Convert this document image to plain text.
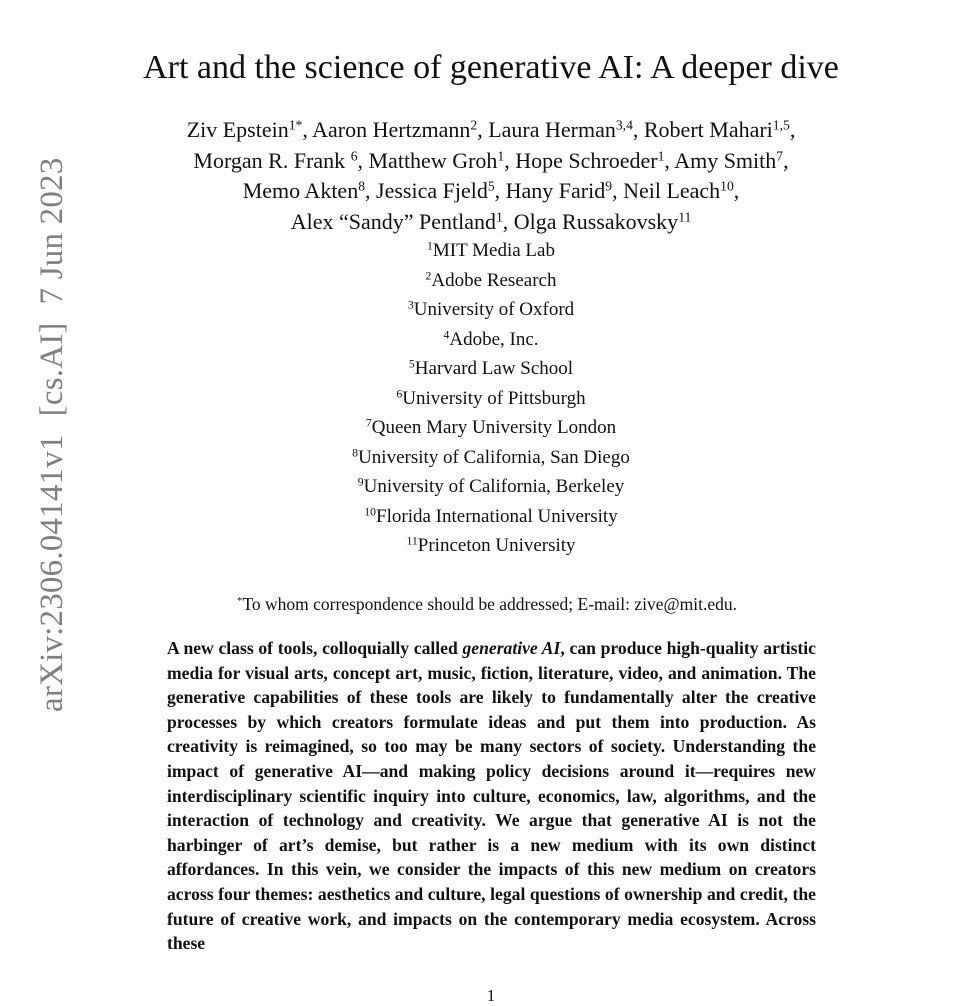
arXiv:2306.04141v1[cs.AI]7 Jun 2023
Art and the science of generative AI: A deeper dive
Ziv Epstein$^{1*}$, Aaron Hertzmann$^2$, Laura Herman$^{3,4}$, Robert Mahari$^{1,5}$,
Morgan R. Frank $^6$, Matthew Groh$^1$, Hope Schroeder$^1$, Amy Smith$^7$,
Memo Akten$^8$, Jessica Fjeld$^5$, Hany Farid$^9$, Neil Leach$^{10}$,
Alex “Sandy” Pentland$^1$, Olga Russakovsky$^{11}$
$^1$MIT Media Lab
$^2$Adobe Research
$^3$University of Oxford
$^4$Adobe, Inc.
$^5$Harvard Law School
$^6$University of Pittsburgh
$^7$Queen Mary University London
$^8$University of California, San Diego
$^9$University of California, Berkeley
$^{10}$Florida International University
$^{11}$Princeton University
*To whom correspondence should be addressed; E-mail: zive@mit.edu.

A new class of tools, colloquially called generative AI, can produce high-quality artistic media for visual arts, concept art, music, fiction, literature, video, and animation. The generative capabilities of these tools are likely to fundamentally alter the creative processes by which creators formulate ideas and put them into production. As creativity is reimagined, so too may be many sectors of society. Understanding the impact of generative AI—and making policy decisions around it—requires new interdisciplinary scientific inquiry into culture, economics, law, algorithms, and the interaction of technology and creativity. We argue that generative AI is not the harbinger of art’s demise, but rather is a new medium with its own distinct affordances. In this vein, we consider the impacts of this new medium on creators across four themes: aesthetics and culture, legal questions of ownership and credit, the future of creative work, and impacts on the contemporary media ecosystem. Across these

1
